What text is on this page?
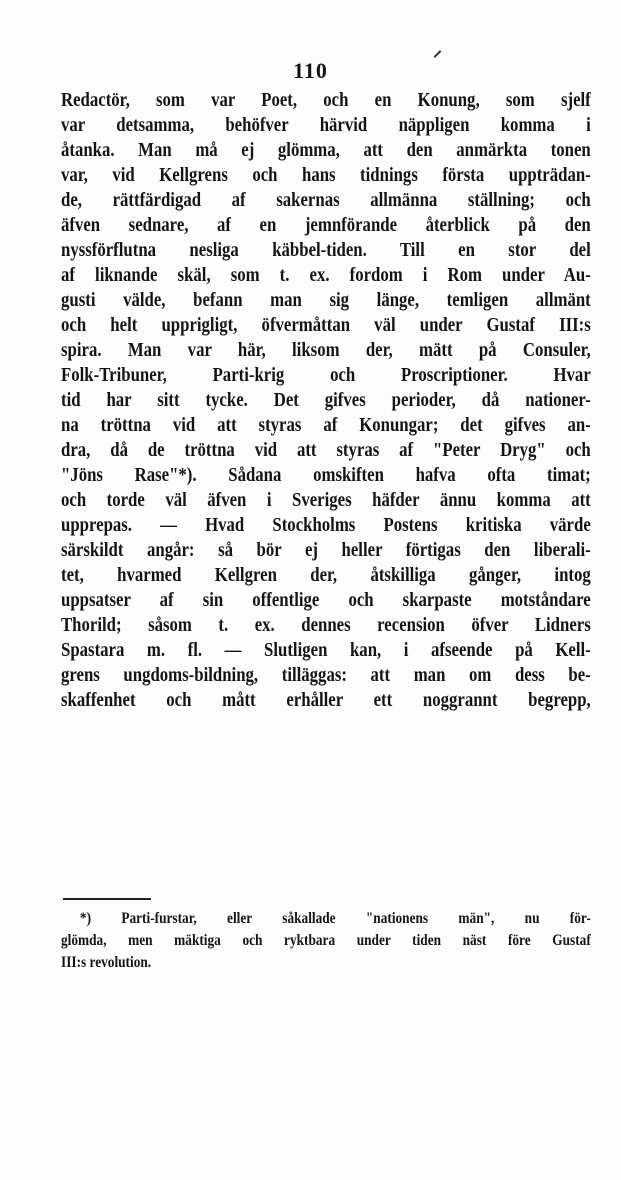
110
Redactör, som var Poet, och en Konung, som sjelf
var detsamma, behöfver härvid näppligen komma i
åtanka. Man må ej glömma, att den anmärkta tonen
var, vid Kellgrens och hans tidnings första uppträdan-
de, rättfärdigad af sakernas allmänna ställning; och
äfven sednare, af en jemnförande återblick på den
nyssförflutna nesliga käbbel-tiden. Till en stor del
af liknande skäl, som t. ex. fordom i Rom under Au-
gusti välde, befann man sig länge, temligen allmänt
och helt upprigligt, öfvermåttan väl under Gustaf III:s
spira. Man var här, liksom der, mätt på Consuler,
Folk-Tribuner, Parti-krig och Proscriptioner. Hvar
tid har sitt tycke. Det gifves perioder, då nationer-
na tröttna vid att styras af Konungar; det gifves an-
dra, då de tröttna vid att styras af "Peter Dryg" och
"Jöns Rase"*). Sådana omskiften hafva ofta timat;
och torde väl äfven i Sveriges häfder ännu komma att
upprepas. — Hvad Stockholms Postens kritiska värde
särskildt angår: så bör ej heller förtigas den liberali-
tet, hvarmed Kellgren der, åtskilliga gånger, intog
uppsatser af sin offentlige och skarpaste motståndare
Thorild; såsom t. ex. dennes recension öfver Lidners
Spastara m. fl. — Slutligen kan, i afseende på Kell-
grens ungdoms-bildning, tilläggas: att man om dess be-
skaffenhet och mått erhåller ett noggrannt begrepp,
*) Parti-furstar, eller såkallade "nationens män", nu för-
glömda, men mäktiga och ryktbara under tiden näst före Gustaf
III:s revolution.
